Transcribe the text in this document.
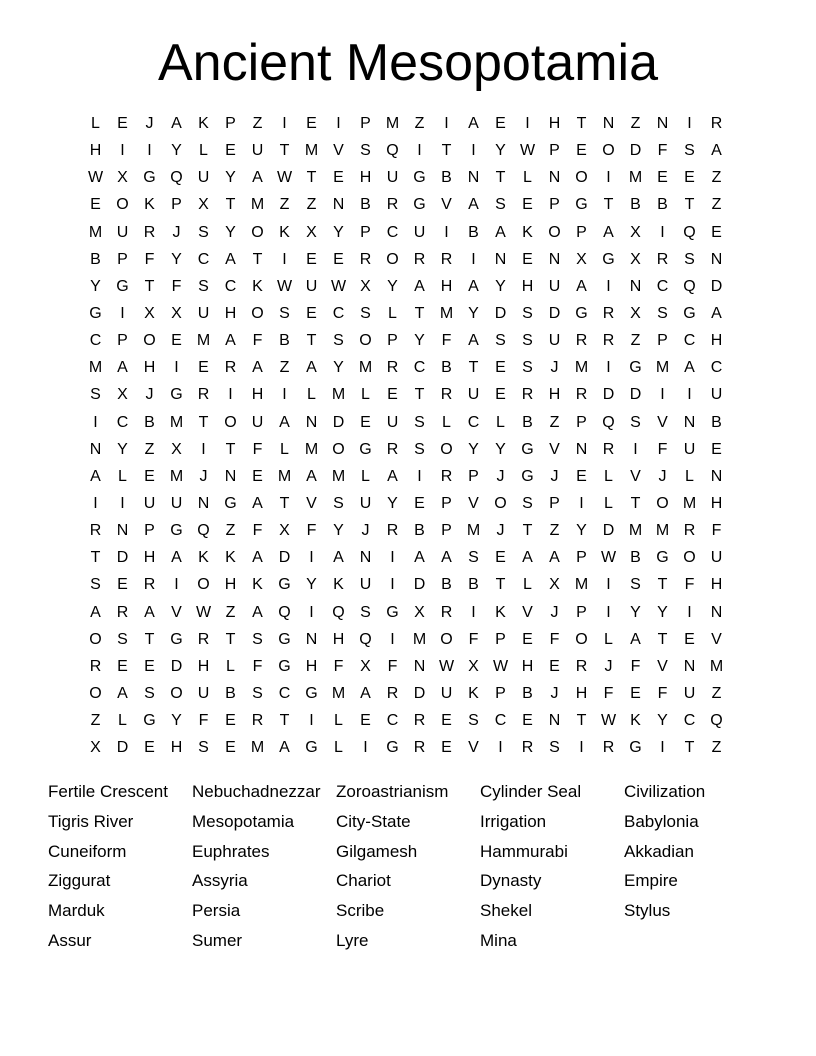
Ancient Mesopotamia
L	E	J	A	K	P	Z	I	E	I	P M Z	I	A	E	I	H	T	N	Z	N	I	R
H	I	I	Y	L	E U	T M V	S Q	I	T	I	Y W P	E O D	F	S	A
W X G Q U Y	A W T	E H U G B N	T	L	N O	I	M E	E	Z
E O K	P	X	T M Z	Z	N B R G V	A	S	E	P G T	B	B	T	Z
M U R	J	S	Y O K	X	Y	P C U	I	B	A	K O P	A	X	I	Q E
B	P	F	Y C A	T	I	E	E R O R R	I	N E N X G X R S N
Y G T	F	S C K W U W X	Y	A H A	Y H U A	I	N C Q D
G	I	X	X U H O S	E C S	L	T M Y D S D G R X	S G A
C P O E M A	F	B	T	S O P	Y	F	A	S	S U R R	Z	P C H
M A H	I	E R A	Z	A	Y M R C B	T	E	S	J	M	I	G M A C
S	X	J	G R	I	H	I	L M L	E	T	R U E R H R D D	I	I	U
I	C B M T O U A N D E U S	L	C	L	B	Z	P Q S	V N B
N Y	Z	X	I	T	F	L M O G R S O Y	Y G V N R	I	F	U E
A	L	E M	J	N E M A M L	A	I	R P	J	G	J	E	L	V	J	L	N
I	I	U U N G A	T	V	S U Y	E	P	V O S	P	I	L	T O M H
R N P G Q Z	F	X	F	Y	J	R B	P M	J	T	Z	Y D M M R	F
T	D H A	K	K	A D	I	A N	I	A	A	S	E	A	A	P W B G O U
S	E R	I	O H K G Y	K U	I	D B	B	T	L	X M	I	S	T	F	H
A R A	V W Z	A Q	I	Q S G X R	I	K	V	J	P	I	Y	Y	I	N
O S	T G R	T	S G N H Q	I	M O F	P	E	F O	L	A	T	E	V
R E	E D H	L	F G H	F	X	F	N W X W H E R	J	F	V N M
O A	S O U B	S C G M A R D U K	P	B	J	H	F	E	F	U	Z
Z	L	G Y	F	E R	T	I	L	E C R E	S C E N	T W K	Y C Q
X D E H S	E M A G	L	I	G R E	V	I	R S	I	R G	I	T	Z
Fertile Crescent	Nebuchadnezzar Zoroastrianism	Cylinder Seal	Civilization
Tigris River	Mesopotamia	City-State	Irrigation	Babylonia
Cuneiform	Euphrates	Gilgamesh	Hammurabi	Akkadian
Ziggurat	Assyria	Chariot	Dynasty	Empire
Marduk	Persia	Scribe	Shekel	Stylus
Assur	Sumer	Lyre	Mina
